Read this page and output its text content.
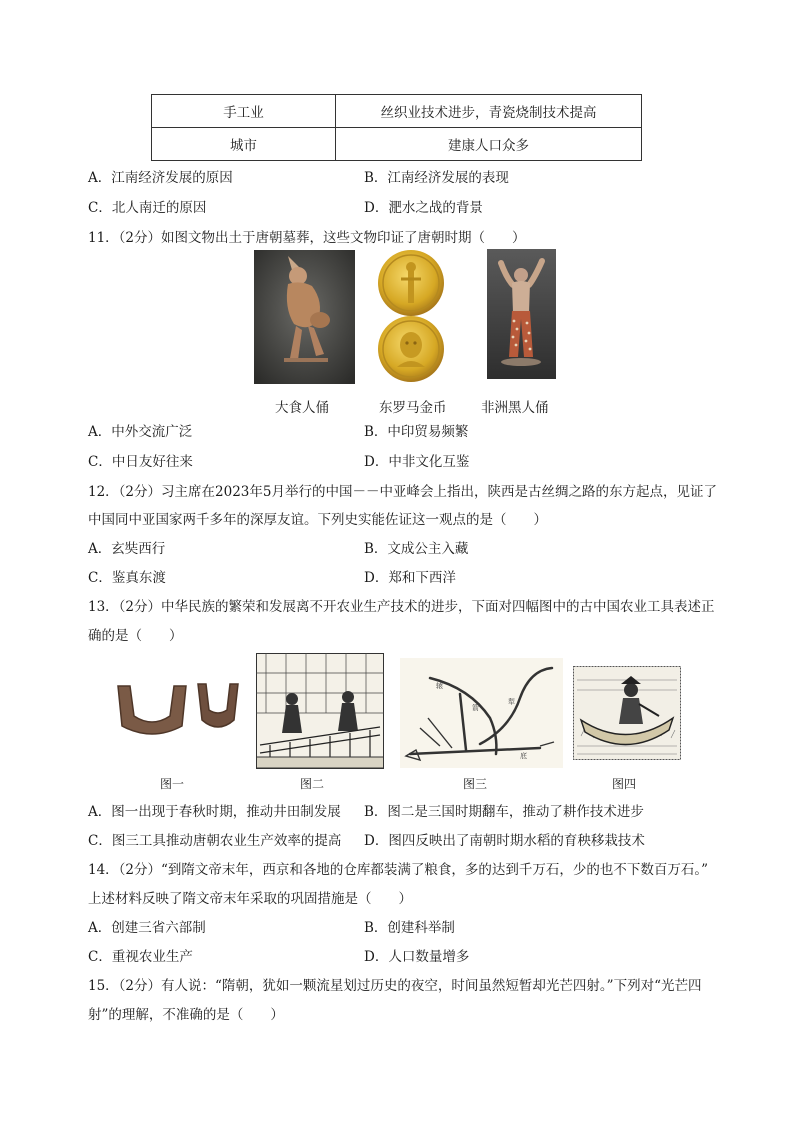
手工业	丝织业技术进步，青瓷烧制技术提高
城市	建康人口众多
A．江南经济发展的原因	B．江南经济发展的表现
C．北人南迁的原因	D．淝水之战的背景
11．（2分）如图文物出土于唐朝墓葬，这些文物印证了唐朝时期（　　）
大食人俑	东罗马金币	非洲黑人俑
A．中外交流广泛	B．中印贸易频繁
C．中日友好往来	D．中非文化互鉴
12．（2分）习主席在2023年5月举行的中国－－中亚峰会上指出，陕西是古丝绸之路的东方起点，见证了
中国同中亚国家两千多年的深厚友谊。下列史实能佐证这一观点的是（　　）
A．玄奘西行	B．文成公主入藏
C．鉴真东渡	D．郑和下西洋
13．（2分）中华民族的繁荣和发展离不开农业生产技术的进步，下面对四幅图中的古中国农业工具表述正
确的是（　　）
辕
犁
箭
底
图一	图二	图三	图四
A．图一出现于春秋时期，推动井田制发展 B．图二是三国时期翻车，推动了耕作技术进步
C．图三工具推动唐朝农业生产效率的提高 D．图四反映出了南朝时期水稻的育秧移栽技术
14．（2分）“到隋文帝末年，西京和各地的仓库都装满了粮食，多的达到千万石，少的也不下数百万石。”
上述材料反映了隋文帝末年采取的巩固措施是（　　）
A．创建三省六部制	B．创建科举制
C．重视农业生产	D．人口数量增多
15．（2分）有人说：“隋朝，犹如一颗流星划过历史的夜空，时间虽然短暂却光芒四射。”下列对“光芒四
射”的理解，不准确的是（　　）
